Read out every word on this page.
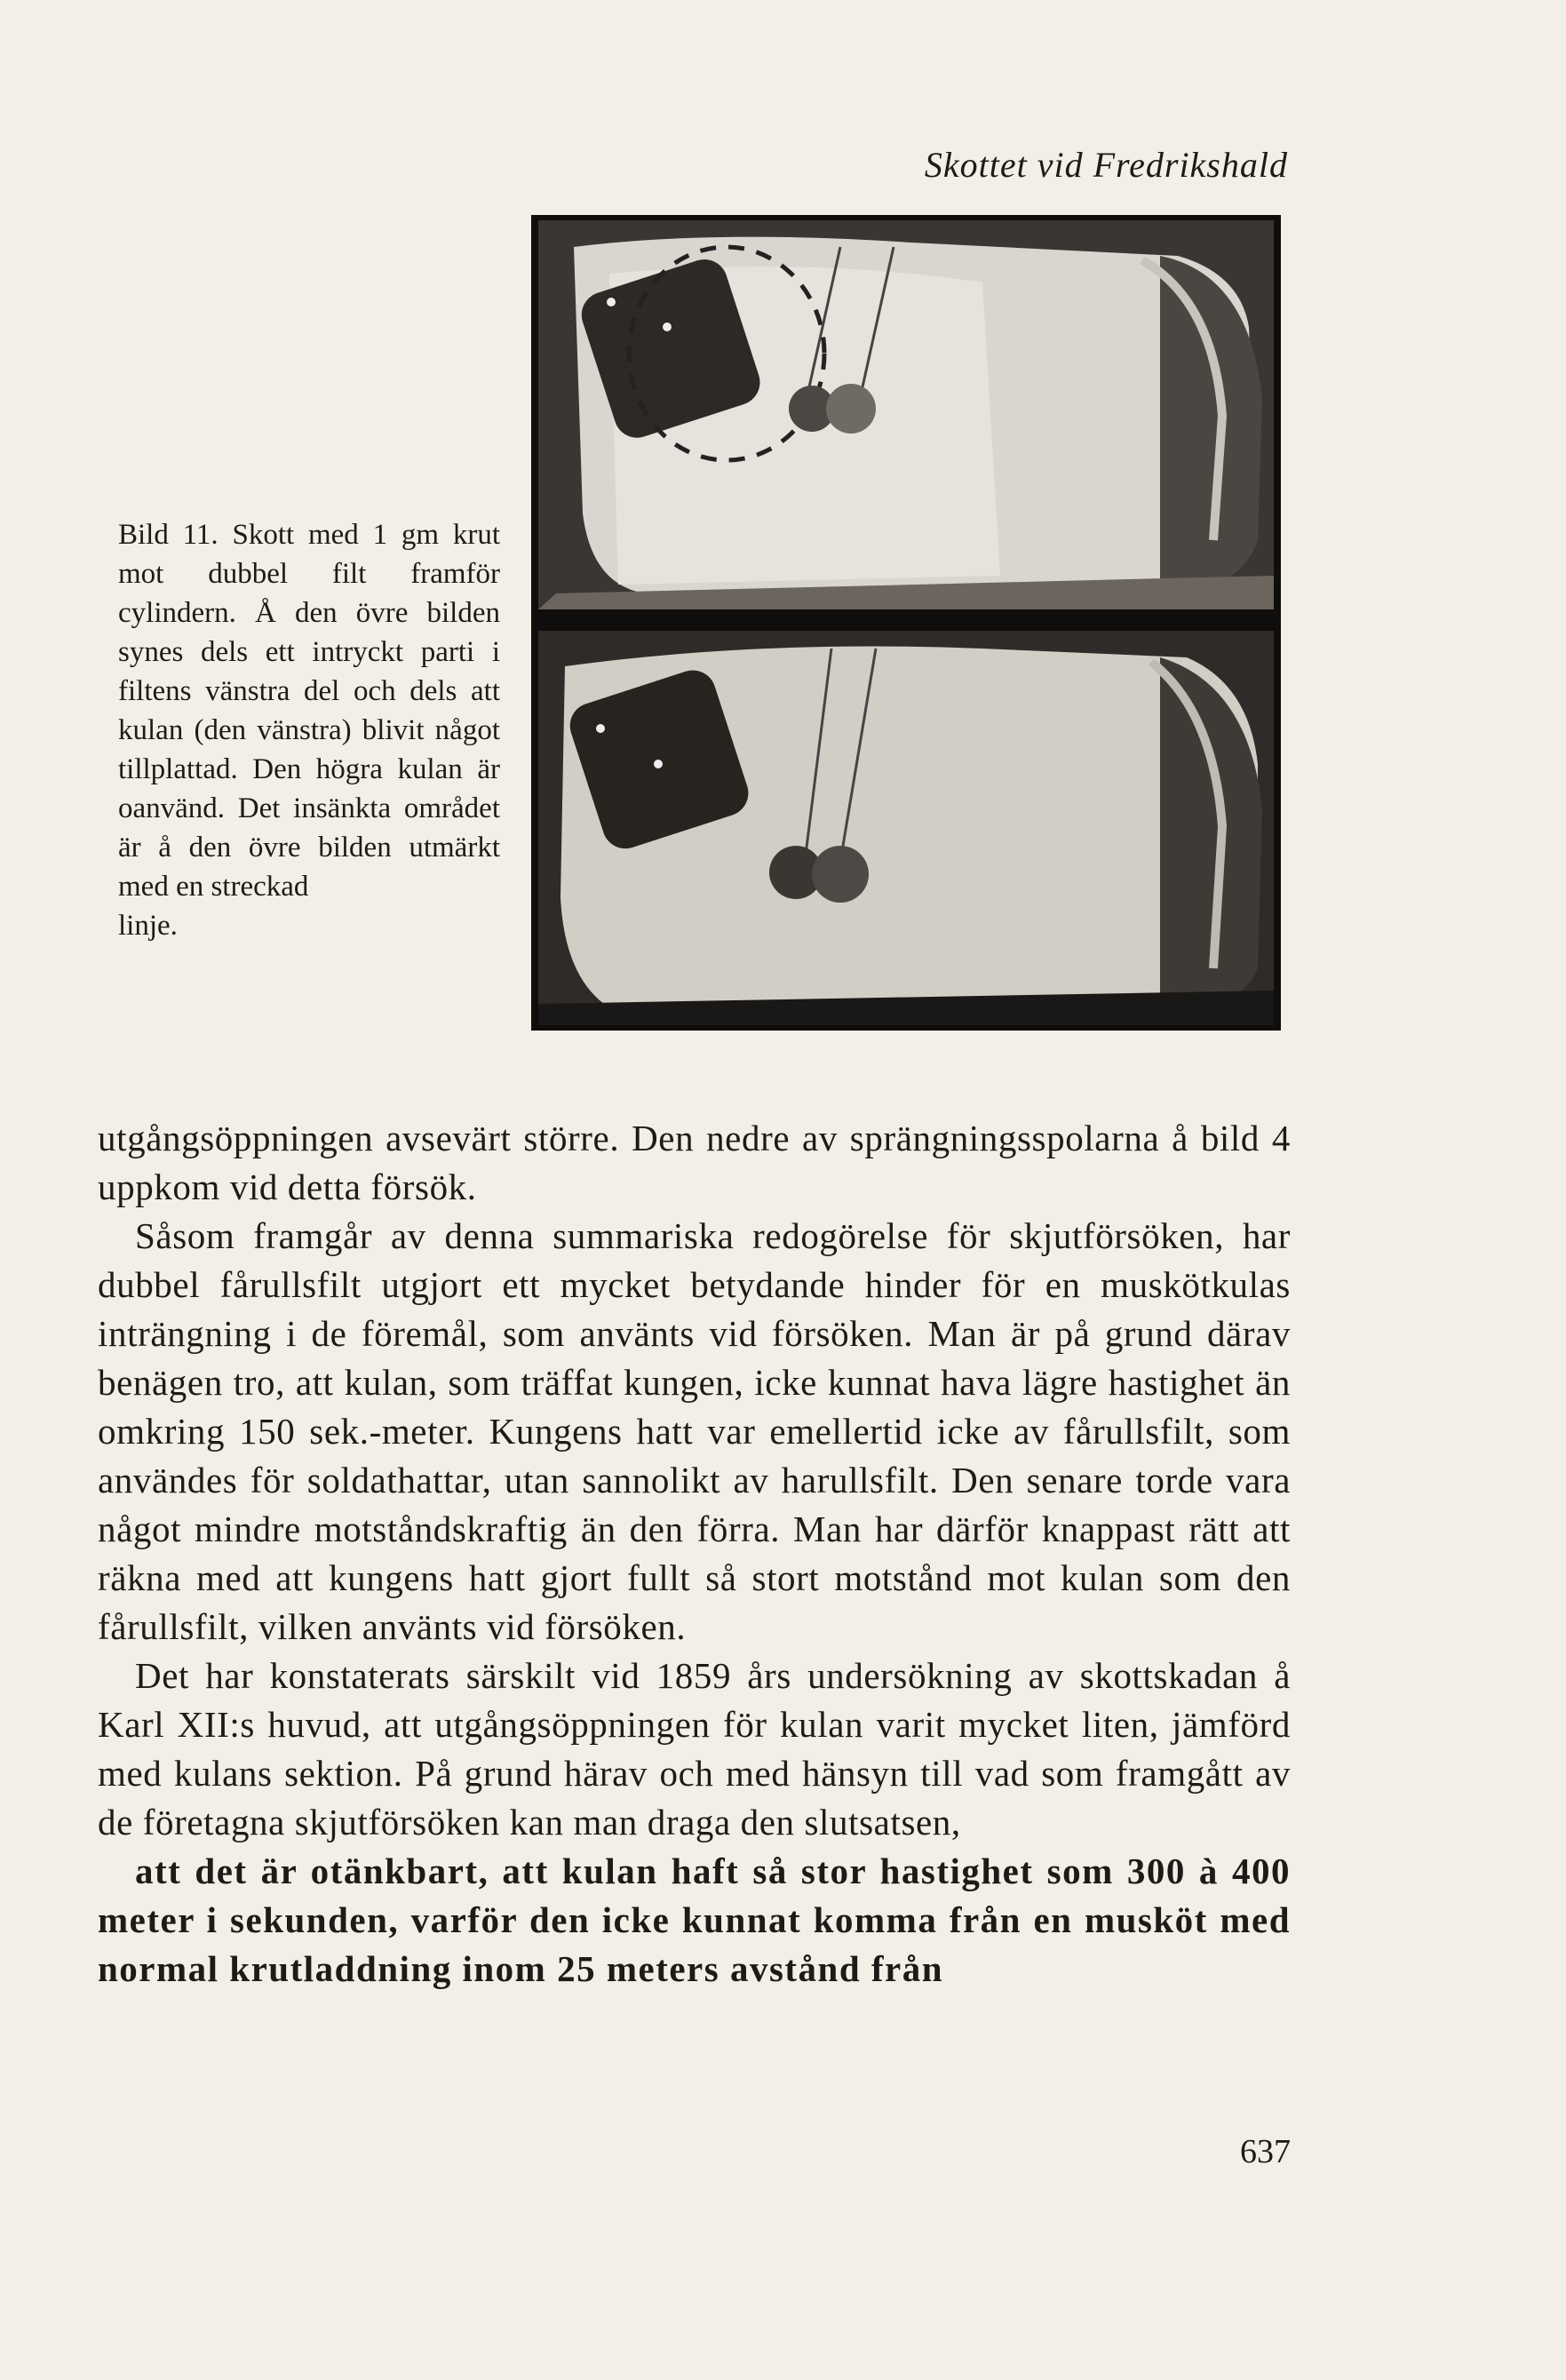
Skottet vid Fredrikshald
Bild 11. Skott med 1 gm krut mot dubbel filt framför cylindern. Å den övre bilden synes dels ett intryckt parti i filtens vänstra del och dels att kulan (den vänstra) blivit något tillplattad. Den högra kulan är oanvänd. Det insänkta området är å den övre bilden utmärkt med en streckad
linje.

utgångsöppningen avsevärt större. Den nedre av sprängningsspolarna å bild 4 uppkom vid detta försök.

Såsom framgår av denna summariska redogörelse för skjutförsöken, har dubbel fårullsfilt utgjort ett mycket betydande hinder för en muskötkulas inträngning i de föremål, som använts vid försöken. Man är på grund därav benägen tro, att kulan, som träffat kungen, icke kunnat hava lägre hastighet än omkring 150 sek.-meter. Kungens hatt var emellertid icke av fårullsfilt, som användes för soldathattar, utan sannolikt av harullsfilt. Den senare torde vara något mindre motståndskraftig än den förra. Man har därför knappast rätt att räkna med att kungens hatt gjort fullt så stort motstånd mot kulan som den fårullsfilt, vilken använts vid försöken.

Det har konstaterats särskilt vid 1859 års undersökning av skottskadan å Karl XII:s huvud, att utgångsöppningen för kulan varit mycket liten, jämförd med kulans sektion. På grund härav och med hänsyn till vad som framgått av de företagna skjutförsöken kan man draga den slutsatsen,

att det är otänkbart, att kulan haft så stor hastighet som 300 à 400 meter i sekunden, varför den icke kunnat komma från en musköt med normal krutladdning inom 25 meters avstånd från

637
